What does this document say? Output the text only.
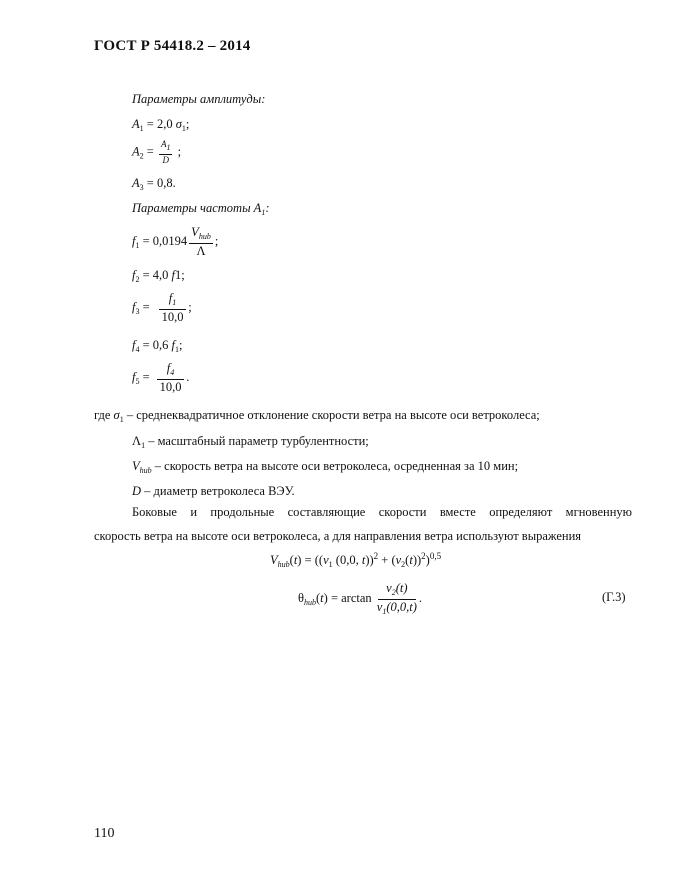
ГОСТ Р 54418.2 – 2014
Параметры амплитуды:
$A_1 = 2,0$ $\sigma_1$;
$A_2 = \frac{A1}{D}$ ;
$A_3 = 0,8$.
Параметры частоты $A_1$:
$f_1 = 0,0194 \frac{V_{hub}}{\Lambda}$ ;
$f_2 = 4,0$ f1;
$f_3 = \frac{f_1}{10,0}$ ;
$f_4 = 0,6$ $f_1$;
$f_5 = \frac{f_4}{10,0}$ .
где $\sigma_1$ – среднеквадратичное отклонение скорости ветра на высоте оси ветроколеса;
$\Lambda_1$ – масштабный параметр турбулентности;
$V_{hub}$ – скорость ветра на высоте оси ветроколеса, осредненная за 10 мин;
D – диаметр ветроколеса ВЭУ.
Боковые и продольные составляющие скорости вместе определяют мгновенную
скорость ветра на высоте оси ветроколеса, а для направления ветра используют выражения
$V_{hub}(t) = ((v_1$ (0,0, $t))^2 + (v_2(t))^2)^{0,5}$
$\theta_{hub}(t) = \arctan \frac{v_2(t)}{v_1(0,0,t)}$ .	(Г.3)
110
